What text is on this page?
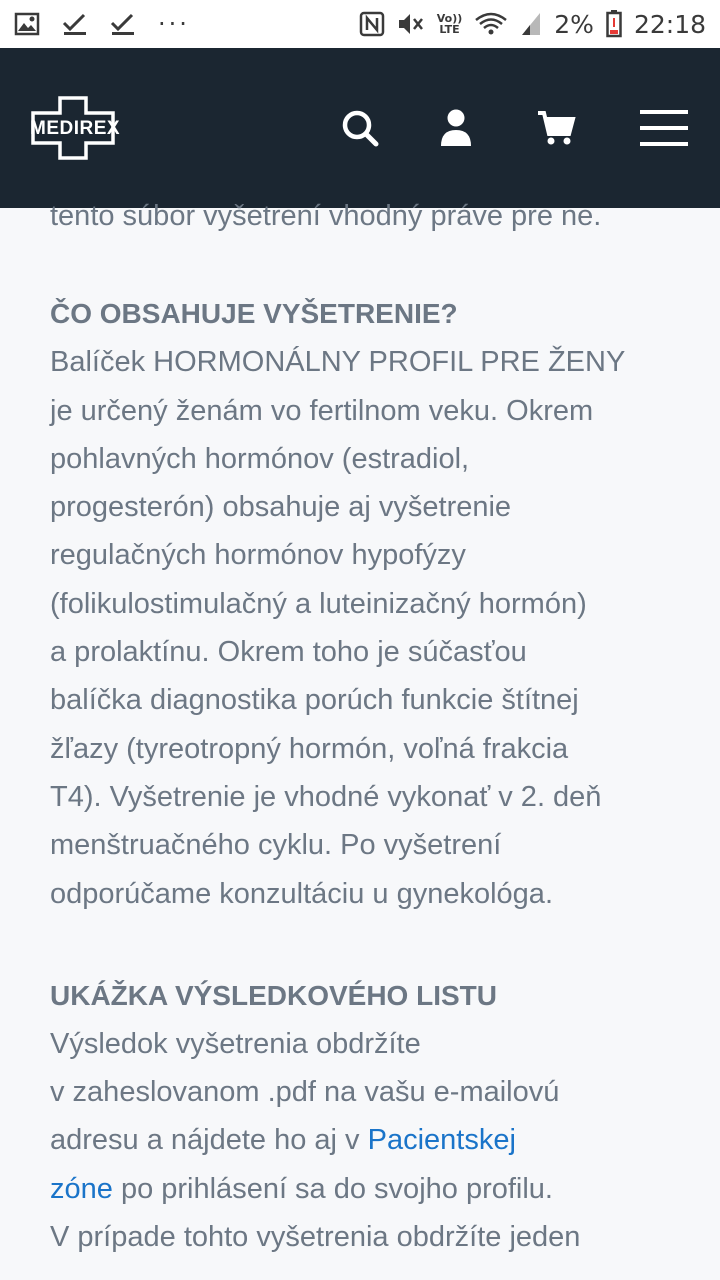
···	Vo))
LTE	2% 22:18
MEDIREX

tento súbor vyšetrení vhodný práve pre ne.

ČO OBSAHUJE VYŠETRENIE?

Balíček HORMONÁLNY PROFIL PRE ŽENY

je určený ženám vo fertilnom veku. Okrem

pohlavných hormónov (estradiol,

progesterón) obsahuje aj vyšetrenie

regulačných hormónov hypofýzy

(folikulostimulačný a luteinizačný hormón)

a prolaktínu. Okrem toho je súčasťou

balíčka diagnostika porúch funkcie štítnej

žľazy (tyreotropný hormón, voľná frakcia

T4). Vyšetrenie je vhodné vykonať v 2. deň

menštruačného cyklu. Po vyšetrení

odporúčame konzultáciu u gynekológa.

UKÁŽKA VÝSLEDKOVÉHO LISTU

Výsledok vyšetrenia obdržíte

v zaheslovanom .pdf na vašu e-mailovú

adresu a nájdete ho aj v Pacientskej

zóne po prihlásení sa do svojho profilu.

V prípade tohto vyšetrenia obdržíte jeden
